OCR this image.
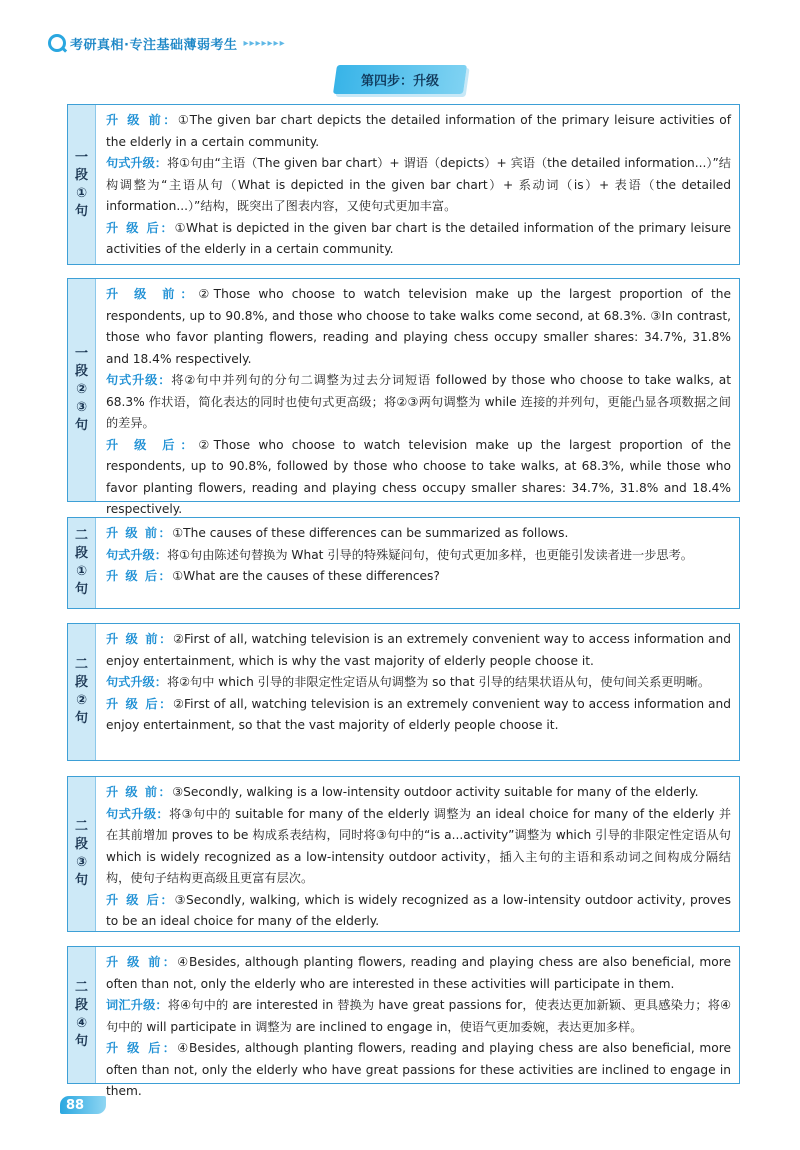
考研真相·专注基础薄弱考生 ▸▸▸▸▸▸▸
第四步：升级
一
段
①
句

升 级 前：①The given bar chart depicts the detailed information of the primary leisure activities of the elderly in a certain community.

句式升级：将①句由“主语（The given bar chart）+ 谓语（depicts）+ 宾语（the detailed information...）”结构调整为“主语从句（What is depicted in the given bar chart）+ 系动词（is）+ 表语（the detailed information...）”结构，既突出了图表内容，又使句式更加丰富。

升 级 后：①What is depicted in the given bar chart is the detailed information of the primary leisure activities of the elderly in a certain community.

一
段
②
③
句

升 级 前：②Those who choose to watch television make up the largest proportion of the respondents, up to 90.8%, and those who choose to take walks come second, at 68.3%. ③In contrast, those who favor planting flowers, reading and playing chess occupy smaller shares: 34.7%, 31.8% and 18.4% respectively.

句式升级：将②句中并列句的分句二调整为过去分词短语 followed by those who choose to take walks, at 68.3% 作状语，简化表达的同时也使句式更高级；将②③两句调整为 while 连接的并列句，更能凸显各项数据之间的差异。

升 级 后：②Those who choose to watch television make up the largest proportion of the respondents, up to 90.8%, followed by those who choose to take walks, at 68.3%, while those who favor planting flowers, reading and playing chess occupy smaller shares: 34.7%, 31.8% and 18.4% respectively.

二
段
①
句

升 级 前：①The causes of these differences can be summarized as follows.

句式升级：将①句由陈述句替换为 What 引导的特殊疑问句，使句式更加多样，也更能引发读者进一步思考。

升 级 后：①What are the causes of these differences?

二
段
②
句

升 级 前：②First of all, watching television is an extremely convenient way to access information and enjoy entertainment, which is why the vast majority of elderly people choose it.

句式升级：将②句中 which 引导的非限定性定语从句调整为 so that 引导的结果状语从句，使句间关系更明晰。

升 级 后：②First of all, watching television is an extremely convenient way to access information and enjoy entertainment, so that the vast majority of elderly people choose it.

二
段
③
句

升 级 前：③Secondly, walking is a low-intensity outdoor activity suitable for many of the elderly.

句式升级：将③句中的 suitable for many of the elderly 调整为 an ideal choice for many of the elderly 并在其前增加 proves to be 构成系表结构，同时将③句中的“is a...activity”调整为 which 引导的非限定性定语从句 which is widely recognized as a low-intensity outdoor activity，插入主句的主语和系动词之间构成分隔结构，使句子结构更高级且更富有层次。

升 级 后：③Secondly, walking, which is widely recognized as a low-intensity outdoor activity, proves to be an ideal choice for many of the elderly.

二
段
④
句

升 级 前：④Besides, although planting flowers, reading and playing chess are also beneficial, more often than not, only the elderly who are interested in these activities will participate in them.

词汇升级：将④句中的 are interested in 替换为 have great passions for，使表达更加新颖、更具感染力；将④句中的 will participate in 调整为 are inclined to engage in，使语气更加委婉，表达更加多样。

升 级 后：④Besides, although planting flowers, reading and playing chess are also beneficial, more often than not, only the elderly who have great passions for these activities are inclined to engage in them.

88
